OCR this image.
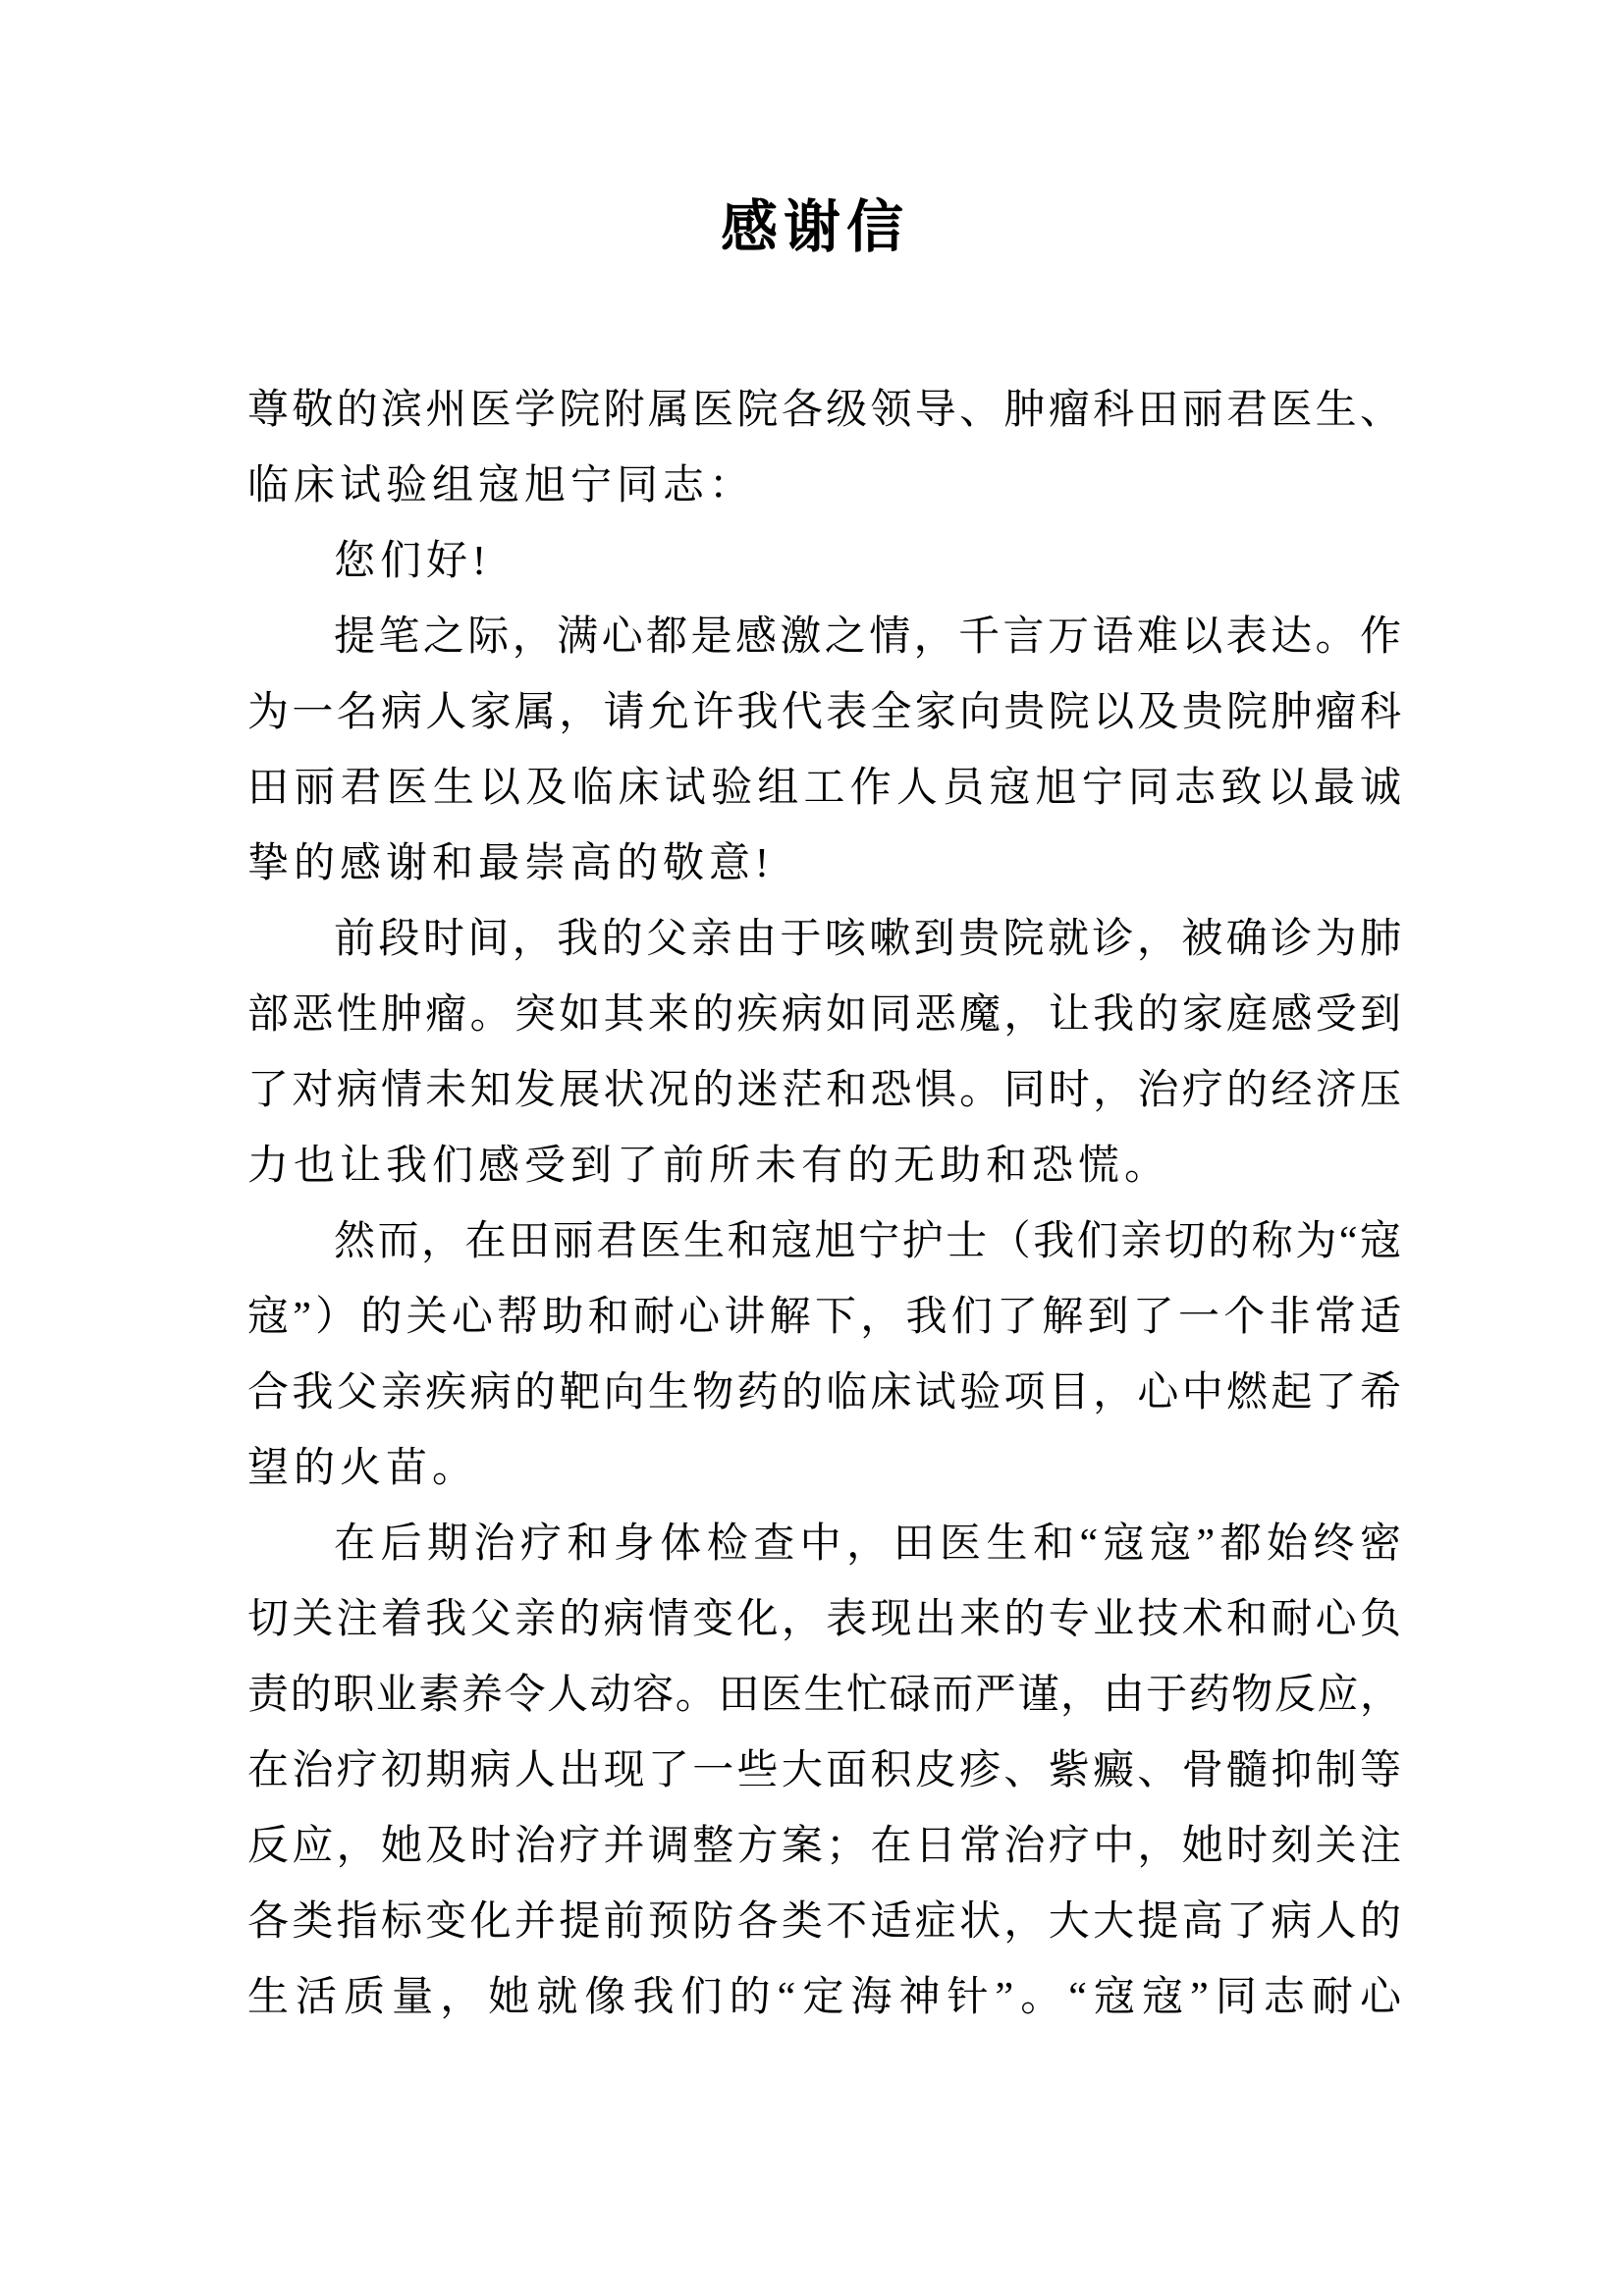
感谢信
尊敬的滨州医学院附属医院各级领导、肿瘤科田丽君医生、
临床试验组寇旭宁同志：
您们好!
提笔之际，满心都是感激之情，千言万语难以表达。作
为一名病人家属，请允许我代表全家向贵院以及贵院肿瘤科
田丽君医生以及临床试验组工作人员寇旭宁同志致以最诚
挚的感谢和最崇高的敬意!
前段时间，我的父亲由于咳嗽到贵院就诊，被确诊为肺
部恶性肿瘤。突如其来的疾病如同恶魔，让我的家庭感受到
了对病情未知发展状况的迷茫和恐惧。同时，治疗的经济压
力也让我们感受到了前所未有的无助和恐慌。
然而，在田丽君医生和寇旭宁护士（我们亲切的称为“寇
寇”）的关心帮助和耐心讲解下，我们了解到了一个非常适
合我父亲疾病的靶向生物药的临床试验项目，心中燃起了希
望的火苗。
在后期治疗和身体检查中，田医生和“寇寇”都始终密
切关注着我父亲的病情变化，表现出来的专业技术和耐心负
责的职业素养令人动容。田医生忙碌而严谨，由于药物反应，
在治疗初期病人出现了一些大面积皮疹、紫癜、骨髓抑制等
反应，她及时治疗并调整方案；在日常治疗中，她时刻关注
各类指标变化并提前预防各类不适症状，大大提高了病人的
生活质量，她就像我们的“定海神针”。“寇寇”同志耐心
